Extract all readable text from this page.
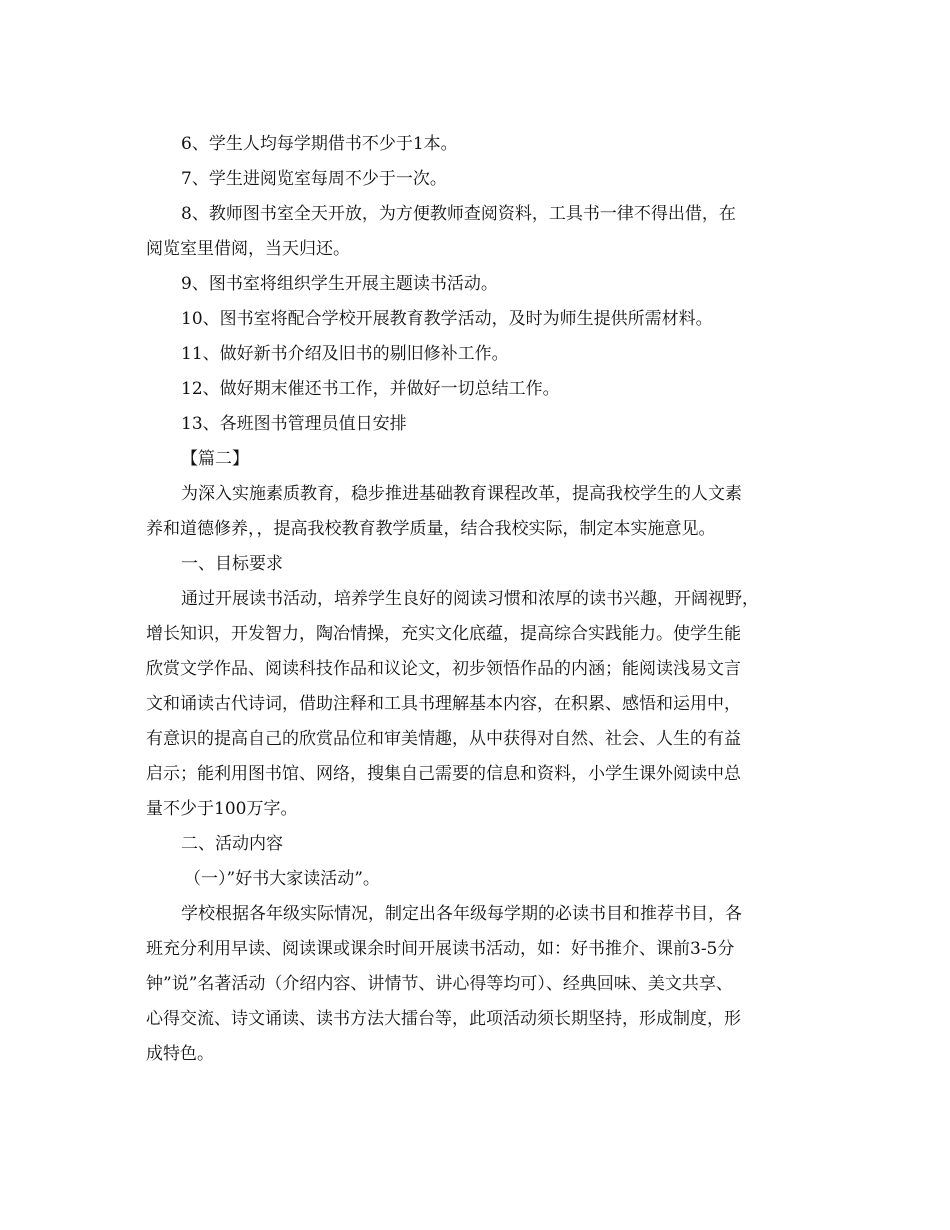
6、学生人均每学期借书不少于1本。
7、学生进阅览室每周不少于一次。
8、教师图书室全天开放，为方便教师查阅资料，工具书一律不得出借，在
阅览室里借阅，当天归还。
9、图书室将组织学生开展主题读书活动。
10、图书室将配合学校开展教育教学活动，及时为师生提供所需材料。
11、做好新书介绍及旧书的剔旧修补工作。
12、做好期末催还书工作，并做好一切总结工作。
13、各班图书管理员值日安排
【篇二】
为深入实施素质教育，稳步推进基础教育课程改革，提高我校学生的人文素
养和道德修养，，提高我校教育教学质量，结合我校实际，制定本实施意见。
一、目标要求
通过开展读书活动，培养学生良好的阅读习惯和浓厚的读书兴趣，开阔视野，
增长知识，开发智力，陶冶情操，充实文化底蕴，提高综合实践能力。使学生能
欣赏文学作品、阅读科技作品和议论文，初步领悟作品的内涵；能阅读浅易文言
文和诵读古代诗词，借助注释和工具书理解基本内容，在积累、感悟和运用中，
有意识的提高自己的欣赏品位和审美情趣，从中获得对自然、社会、人生的有益
启示；能利用图书馆、网络，搜集自己需要的信息和资料，小学生课外阅读中总
量不少于100万字。
二、活动内容
（一）”好书大家读活动”。
学校根据各年级实际情况，制定出各年级每学期的必读书目和推荐书目，各
班充分利用早读、阅读课或课余时间开展读书活动，如：好书推介、课前3-5分
钟”说”名著活动（介绍内容、讲情节、讲心得等均可）、经典回味、美文共享、
心得交流、诗文诵读、读书方法大擂台等，此项活动须长期坚持，形成制度，形
成特色。
